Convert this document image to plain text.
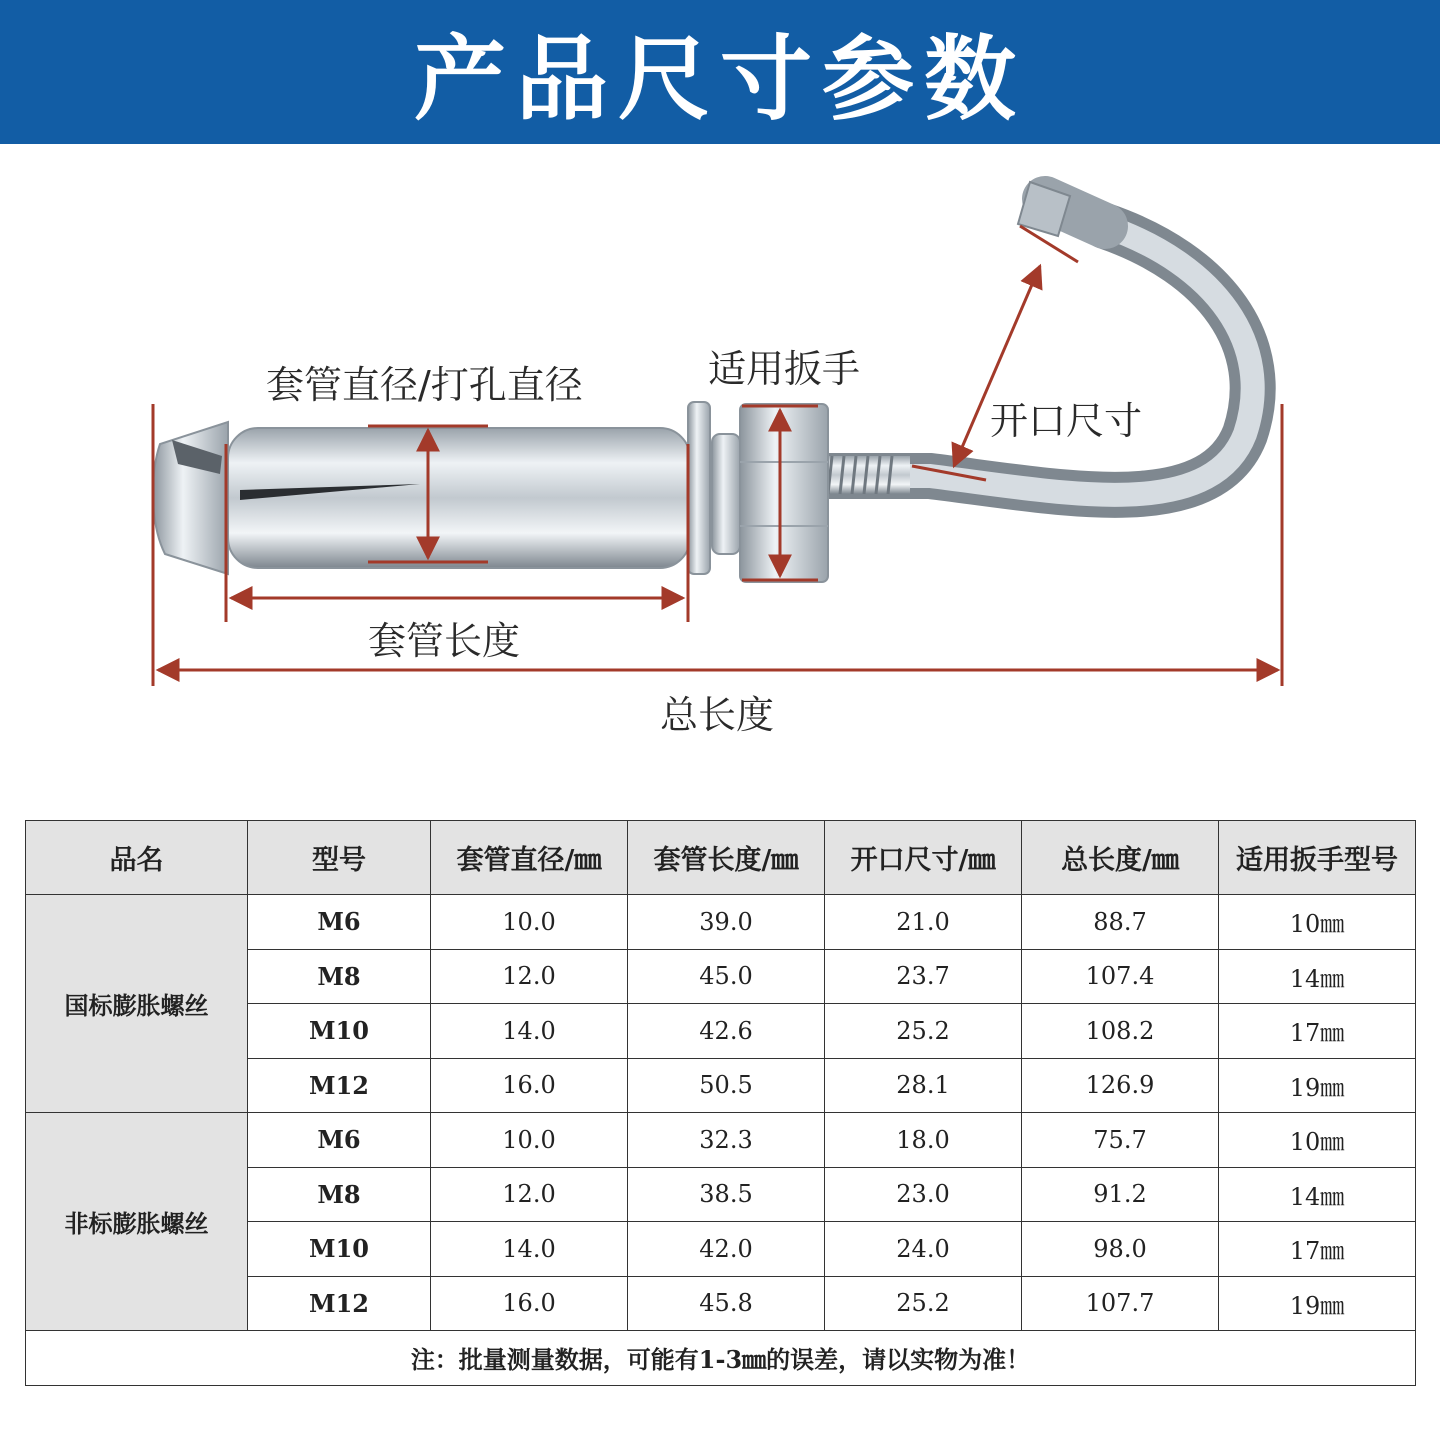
产品尺寸参数
套管直径/打孔直径	适用扳手
开口尺寸
套管长度
总长度
品名	型号	套管直径/㎜	套管长度/㎜	开口尺寸/㎜	总长度/㎜	适用扳手型号
国标膨胀螺丝	M6	10.0	39.0	21.0	88.7	10㎜
	M8	12.0	45.0	23.7	107.4	14㎜
	M10	14.0	42.6	25.2	108.2	17㎜
	M12	16.0	50.5	28.1	126.9	19㎜
非标膨胀螺丝	M6	10.0	32.3	18.0	75.7	10㎜
	M8	12.0	38.5	23.0	91.2	14㎜
	M10	14.0	42.0	24.0	98.0	17㎜
	M12	16.0	45.8	25.2	107.7	19㎜
注：批量测量数据，可能有1-3㎜的误差，请以实物为准！						
